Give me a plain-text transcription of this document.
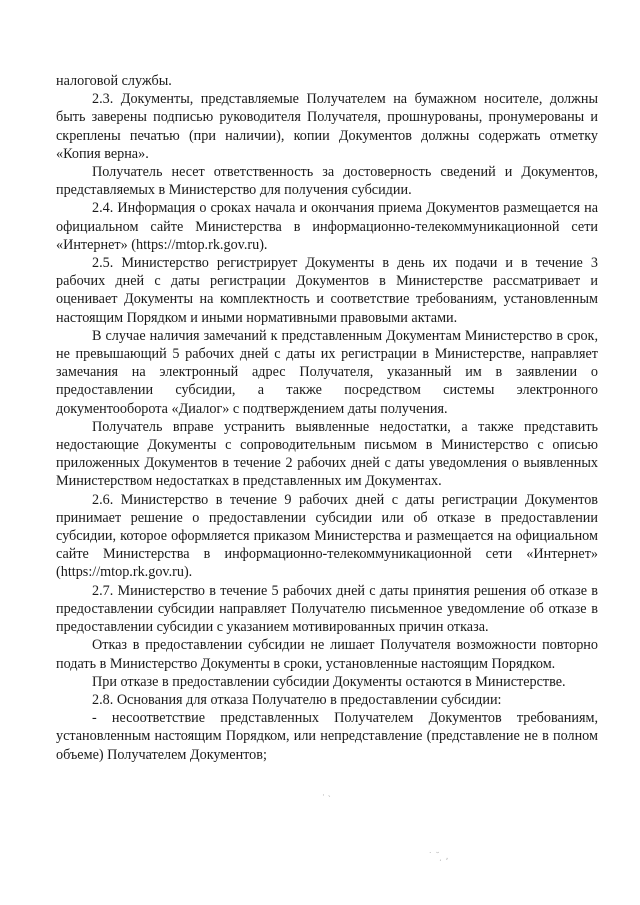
налоговой службы.

2.3. Документы, представляемые Получателем на бумажном носителе, должны быть заверены подписью руководителя Получателя, прошнурованы, пронумерованы и скреплены печатью (при наличии), копии Документов должны содержать отметку «Копия верна».

Получатель несет ответственность за достоверность сведений и Документов, представляемых в Министерство для получения субсидии.

2.4. Информация о сроках начала и окончания приема Документов размещается на официальном сайте Министерства в информационно-телекоммуникационной сети «Интернет» (https://mtop.rk.gov.ru).

2.5. Министерство регистрирует Документы в день их подачи и в течение 3 рабочих дней с даты регистрации Документов в Министерстве рассматривает и оценивает Документы на комплектность и соответствие требованиям, установленным настоящим Порядком и иными нормативными правовыми актами.

В случае наличия замечаний к представленным Документам Министерство в срок, не превышающий 5 рабочих дней с даты их регистрации в Министерстве, направляет замечания на электронный адрес Получателя, указанный им в заявлении о предоставлении субсидии, а также посредством системы электронного документооборота «Диалог» с подтверждением даты получения.

Получатель вправе устранить выявленные недостатки, а также представить недостающие Документы с сопроводительным письмом в Министерство с описью приложенных Документов в течение 2 рабочих дней с даты уведомления о выявленных Министерством недостатках в представленных им Документах.

2.6. Министерство в течение 9 рабочих дней с даты регистрации Документов принимает решение о предоставлении субсидии или об отказе в предоставлении субсидии, которое оформляется приказом Министерства и размещается на официальном сайте Министерства в информационно-телекоммуникационной сети «Интернет» (https://mtop.rk.gov.ru).

2.7. Министерство в течение 5 рабочих дней с даты принятия решения об отказе в предоставлении субсидии направляет Получателю письменное уведомление об отказе в предоставлении субсидии с указанием мотивированных причин отказа.

Отказ в предоставлении субсидии не лишает Получателя возможности повторно подать в Министерство Документы в сроки, установленные настоящим Порядком.

При отказе в предоставлении субсидии Документы остаются в Министерстве.

2.8. Основания для отказа Получателю в предоставлении субсидии:

- несоответствие представленных Получателем Документов требованиям, установленным настоящим Порядком, или непредставление (представление не в полном объеме) Получателем Документов;

· ˴
˙ ˘ ̦ ,
